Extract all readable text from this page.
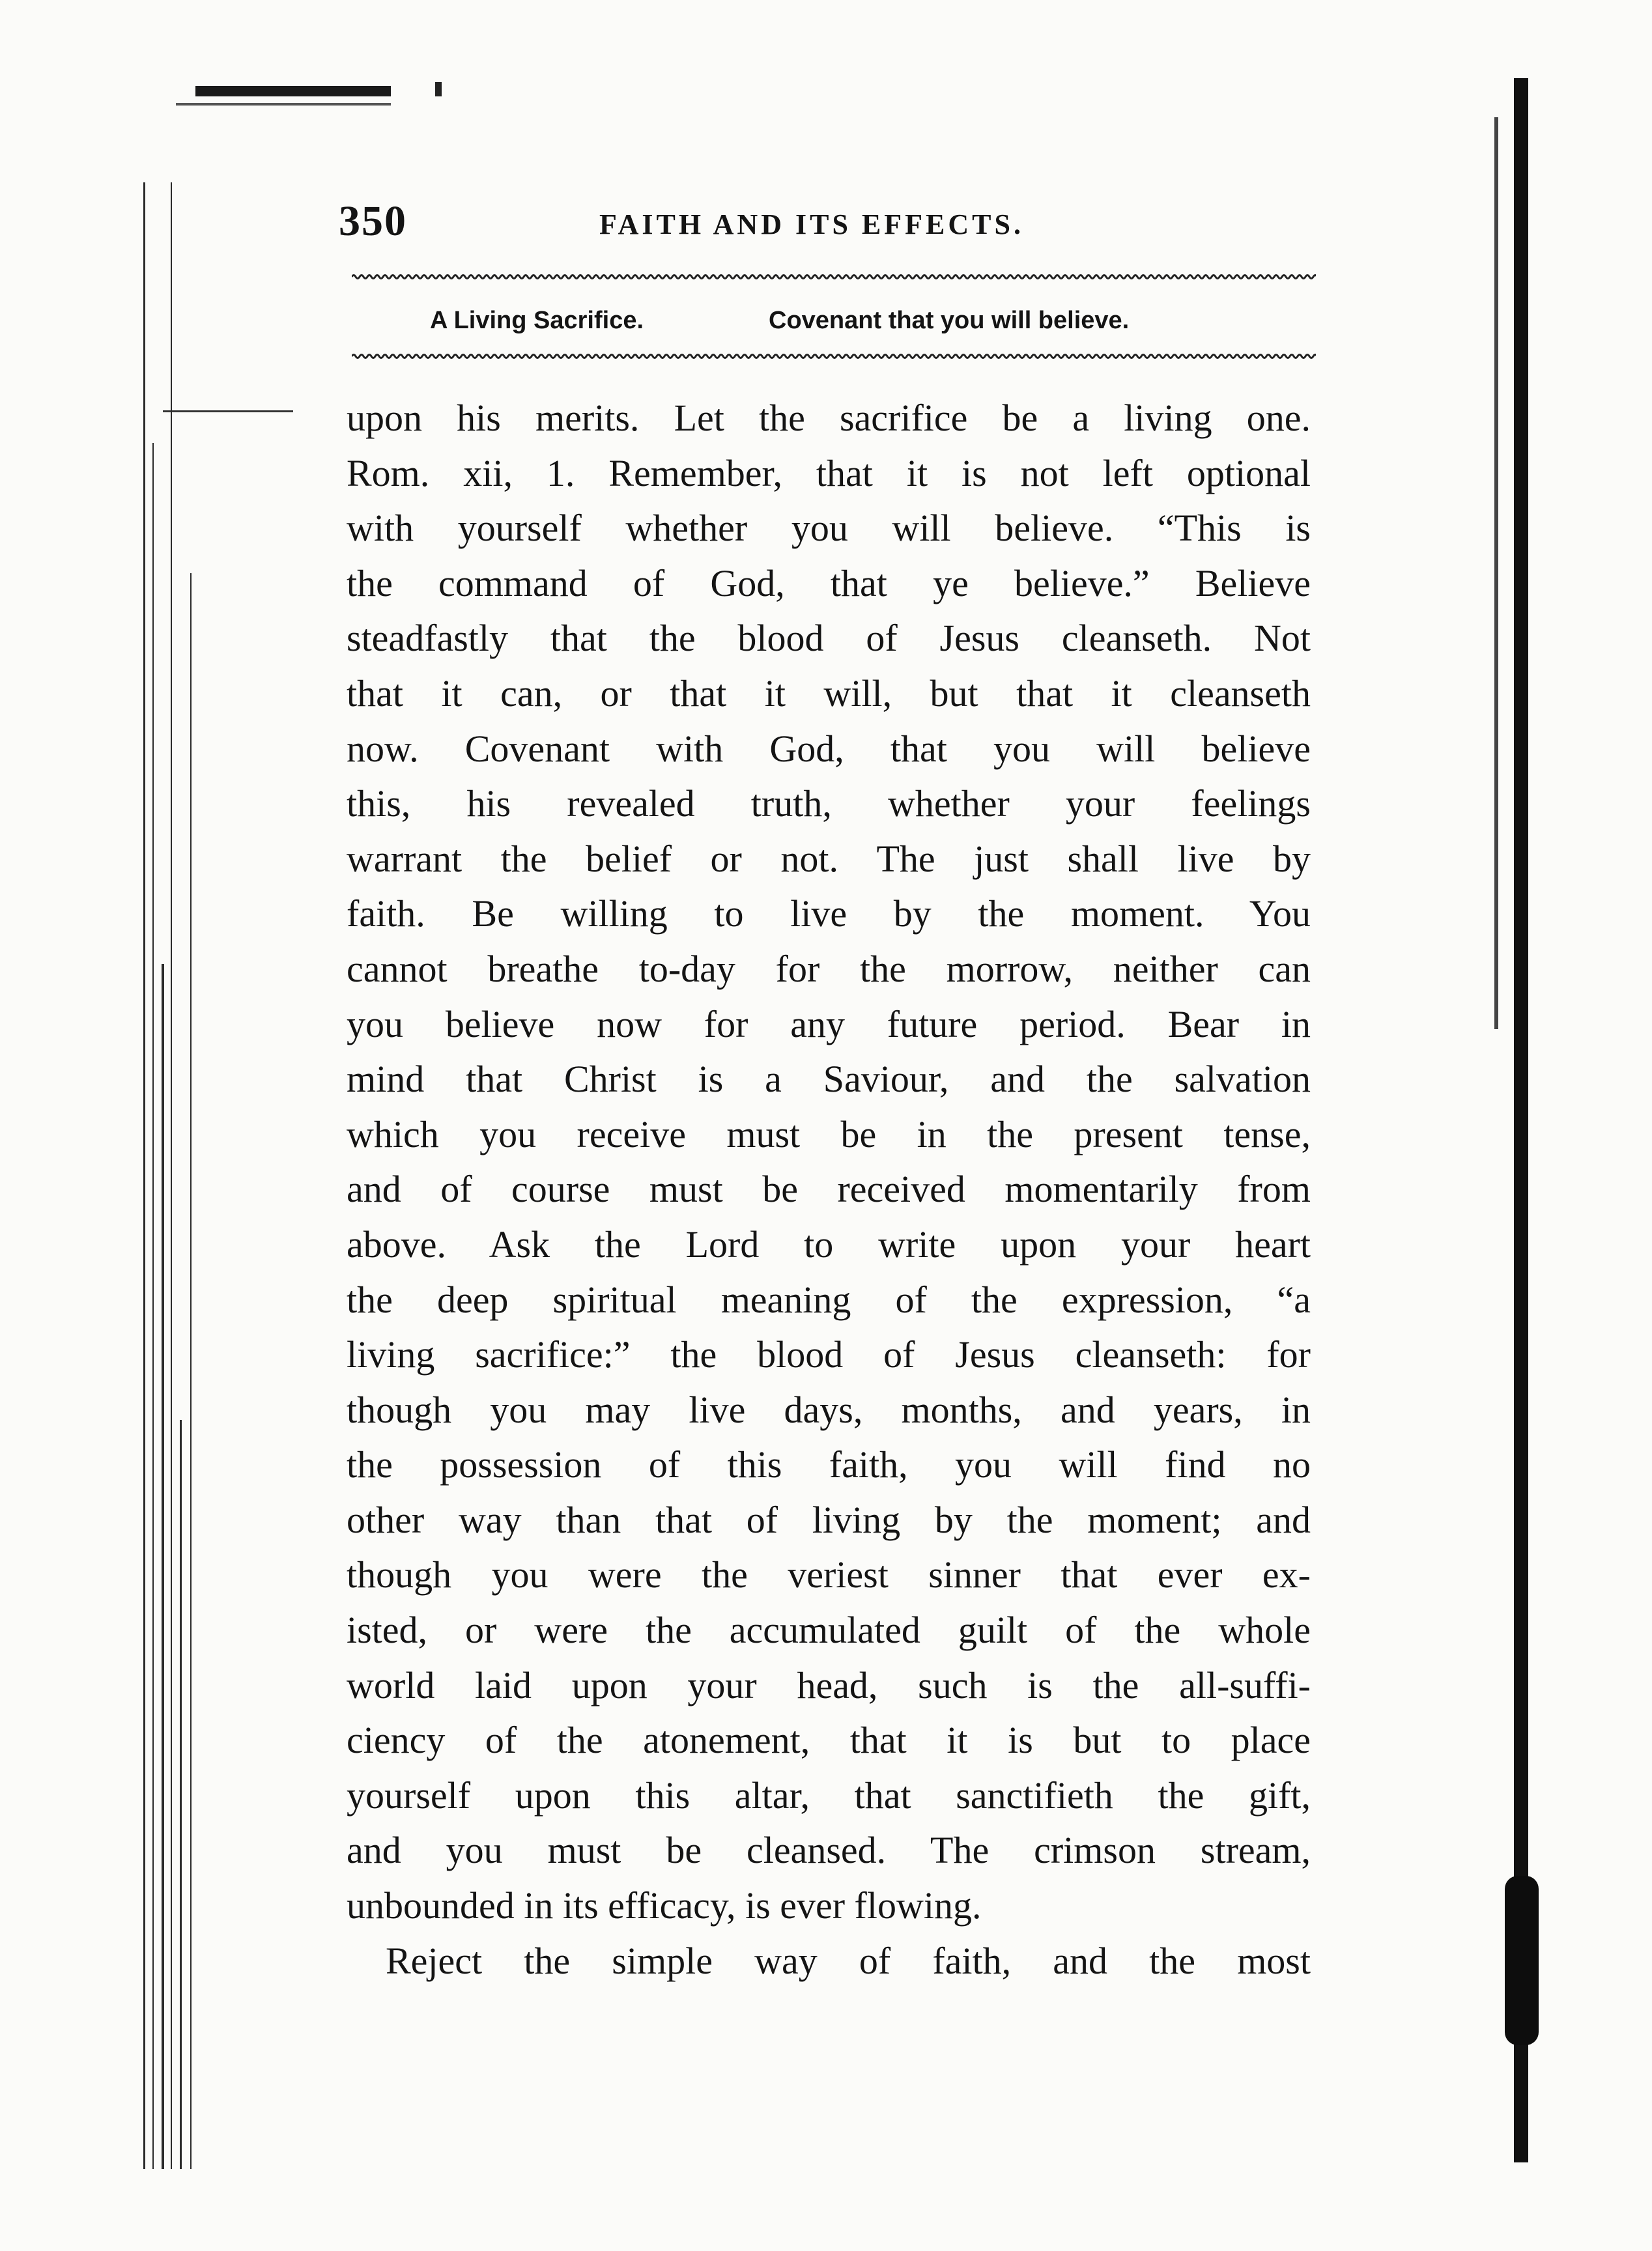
350	FAITH AND ITS EFFECTS.
A Living Sacrifice.	Covenant that you will believe.
upon his merits. Let the sacrifice be a living one.
Rom. xii, 1. Remember, that it is not left optional
with yourself whether you will believe. “This is
the command of God, that ye believe.” Believe
steadfastly that the blood of Jesus cleanseth. Not
that it can, or that it will, but that it cleanseth
now. Covenant with God, that you will believe
this, his revealed truth, whether your feelings
warrant the belief or not. The just shall live by
faith. Be willing to live by the moment. You
cannot breathe to-day for the morrow, neither can
you believe now for any future period. Bear in
mind that Christ is a Saviour, and the salvation
which you receive must be in the present tense,
and of course must be received momentarily from
above. Ask the Lord to write upon your heart
the deep spiritual meaning of the expression, “a
living sacrifice:” the blood of Jesus cleanseth: for
though you may live days, months, and years, in
the possession of this faith, you will find no
other way than that of living by the moment; and
though you were the veriest sinner that ever ex-
isted, or were the accumulated guilt of the whole
world laid upon your head, such is the all-suffi-
ciency of the atonement, that it is but to place
yourself upon this altar, that sanctifieth the gift,
and you must be cleansed. The crimson stream,
unbounded in its efficacy, is ever flowing.
Reject the simple way of faith, and the most
